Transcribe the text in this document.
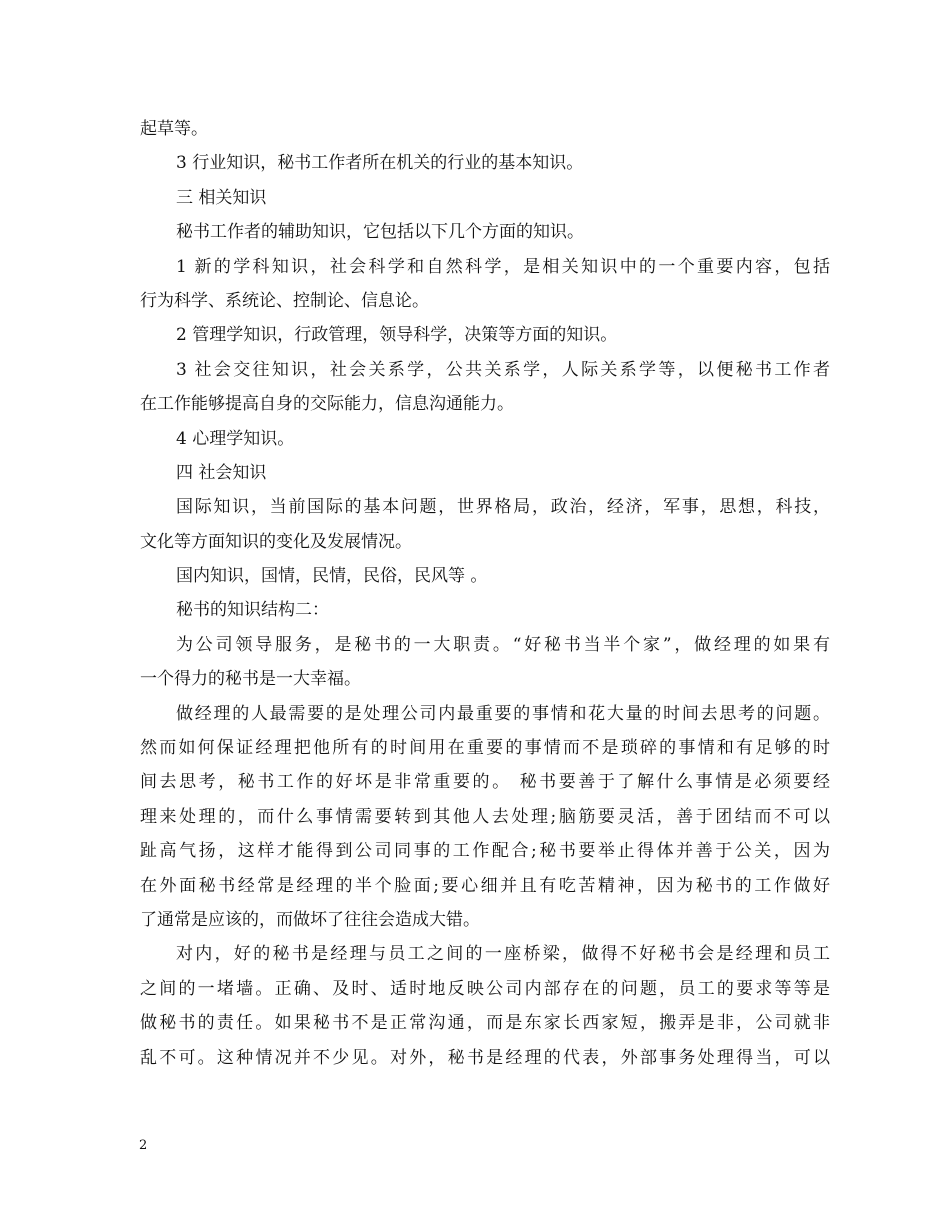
起草等。
3 行业知识，秘书工作者所在机关的行业的基本知识。
三 相关知识
秘书工作者的辅助知识，它包括以下几个方面的知识。
1 新的学科知识，社会科学和自然科学，是相关知识中的一个重要内容，包括
行为科学、系统论、控制论、信息论。
2 管理学知识，行政管理，领导科学，决策等方面的知识。
3 社会交往知识，社会关系学，公共关系学，人际关系学等，以便秘书工作者
在工作能够提高自身的交际能力，信息沟通能力。
4 心理学知识。
四 社会知识
国际知识，当前国际的基本问题，世界格局，政治，经济，军事，思想，科技，
文化等方面知识的变化及发展情况。
国内知识，国情，民情，民俗，民风等 。
秘书的知识结构二：
为公司领导服务，是秘书的一大职责。“好秘书当半个家”，做经理的如果有
一个得力的秘书是一大幸福。
做经理的人最需要的是处理公司内最重要的事情和花大量的时间去思考的问题。
然而如何保证经理把他所有的时间用在重要的事情而不是琐碎的事情和有足够的时
间去思考，秘书工作的好坏是非常重要的。 秘书要善于了解什么事情是必须要经
理来处理的，而什么事情需要转到其他人去处理;脑筋要灵活，善于团结而不可以
趾高气扬，这样才能得到公司同事的工作配合;秘书要举止得体并善于公关，因为
在外面秘书经常是经理的半个脸面;要心细并且有吃苦精神，因为秘书的工作做好
了通常是应该的，而做坏了往往会造成大错。
对内，好的秘书是经理与员工之间的一座桥梁，做得不好秘书会是经理和员工
之间的一堵墙。正确、及时、适时地反映公司内部存在的问题，员工的要求等等是
做秘书的责任。如果秘书不是正常沟通，而是东家长西家短，搬弄是非，公司就非
乱不可。这种情况并不少见。对外，秘书是经理的代表，外部事务处理得当，可以
2
